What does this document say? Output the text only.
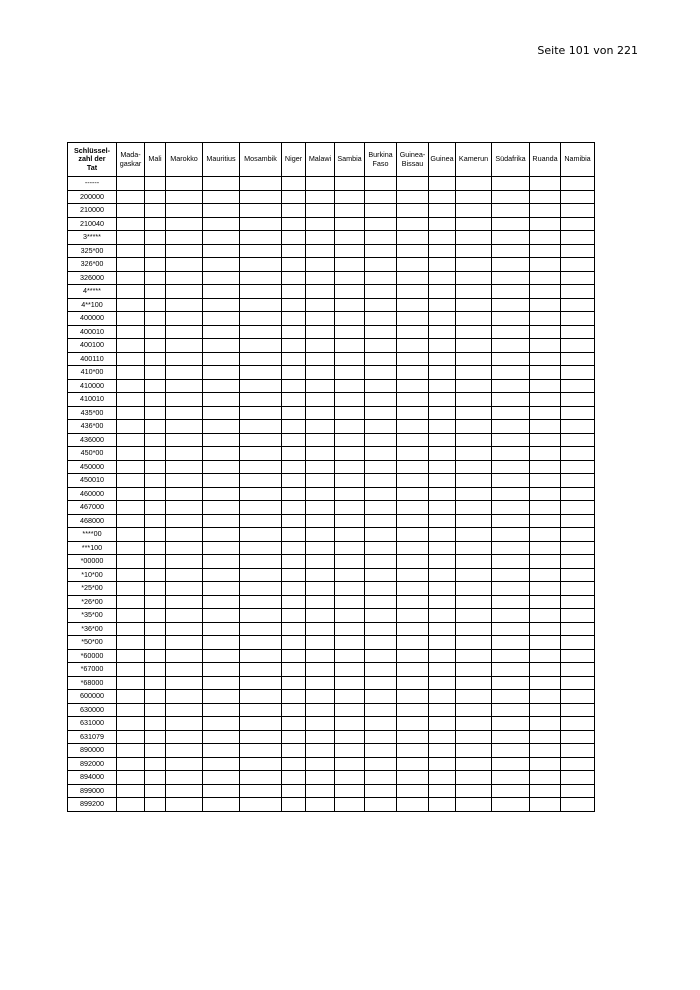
Seite 101 von 221
Schlüssel-
zahl der
Tat	Mada-
gaskar	Mali	Marokko	Mauritius	Mosambik	Niger	Malawi	Sambia	Burkina
Faso	Guinea-
Bissau	Guinea	Kamerun	Südafrika	Ruanda	Namibia
------															
200000															
210000															
210040															
3*****															
325*00															
326*00															
326000															
4*****															
4**100															
400000															
400010															
400100															
400110															
410*00															
410000															
410010															
435*00															
436*00															
436000															
450*00															
450000															
450010															
460000															
467000															
468000															
****00															
***100															
*00000															
*10*00															
*25*00															
*26*00															
*35*00															
*36*00															
*50*00															
*60000															
*67000															
*68000															
600000															
630000															
631000															
631079															
890000															
892000															
894000															
899000															
899200															
